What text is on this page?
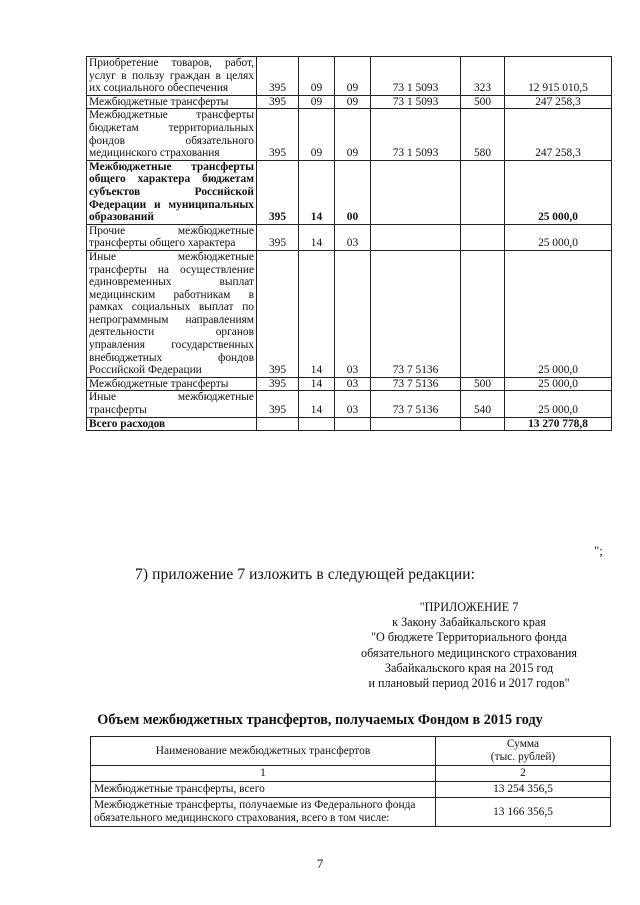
Приобретение товаров, работ, услуг в пользу граждан в целях их социального обеспечения	395	09	09	73 1 5093	323	12 915 010,5
Межбюджетные трансферты	395	09	09	73 1 5093	500	247 258,3
Межбюджетные трансферты бюджетам территориальных фондов обязательного медицинского страхования	395	09	09	73 1 5093	580	247 258,3
Межбюджетные трансферты общего характера бюджетам субъектов Российской Федерации и муниципальных образований	395	14	00			25 000,0
Прочие межбюджетные трансферты общего характера	395	14	03			25 000,0
Иные межбюджетные трансферты на осуществление единовременных выплат медицинским работникам в рамках социальных выплат по непрограммным направлениям деятельности органов управления государственных внебюджетных фондов Российской Федерации	395	14	03	73 7 5136		25 000,0
Межбюджетные трансферты	395	14	03	73 7 5136	500	25 000,0
Иные межбюджетные трансферты	395	14	03	73 7 5136	540	25 000,0
Всего расходов						13 270 778,8
";
7) приложение 7 изложить в следующей редакции:
"ПРИЛОЖЕНИЕ 7
к Закону Забайкальского края
"О бюджете Территориального фонда
обязательного медицинского страхования
Забайкальского края на 2015 год
и плановый период 2016 и 2017 годов"
Объем межбюджетных трансфертов, получаемых Фондом в 2015 году
Наименование межбюджетных трансфертов	Сумма
(тыс. рублей)

1	2
Межбюджетные трансферты, всего	13 254 356,5
Межбюджетные трансферты, получаемые из Федерального фонда обязательного медицинского страхования, всего в том числе:	13 166 356,5
7
